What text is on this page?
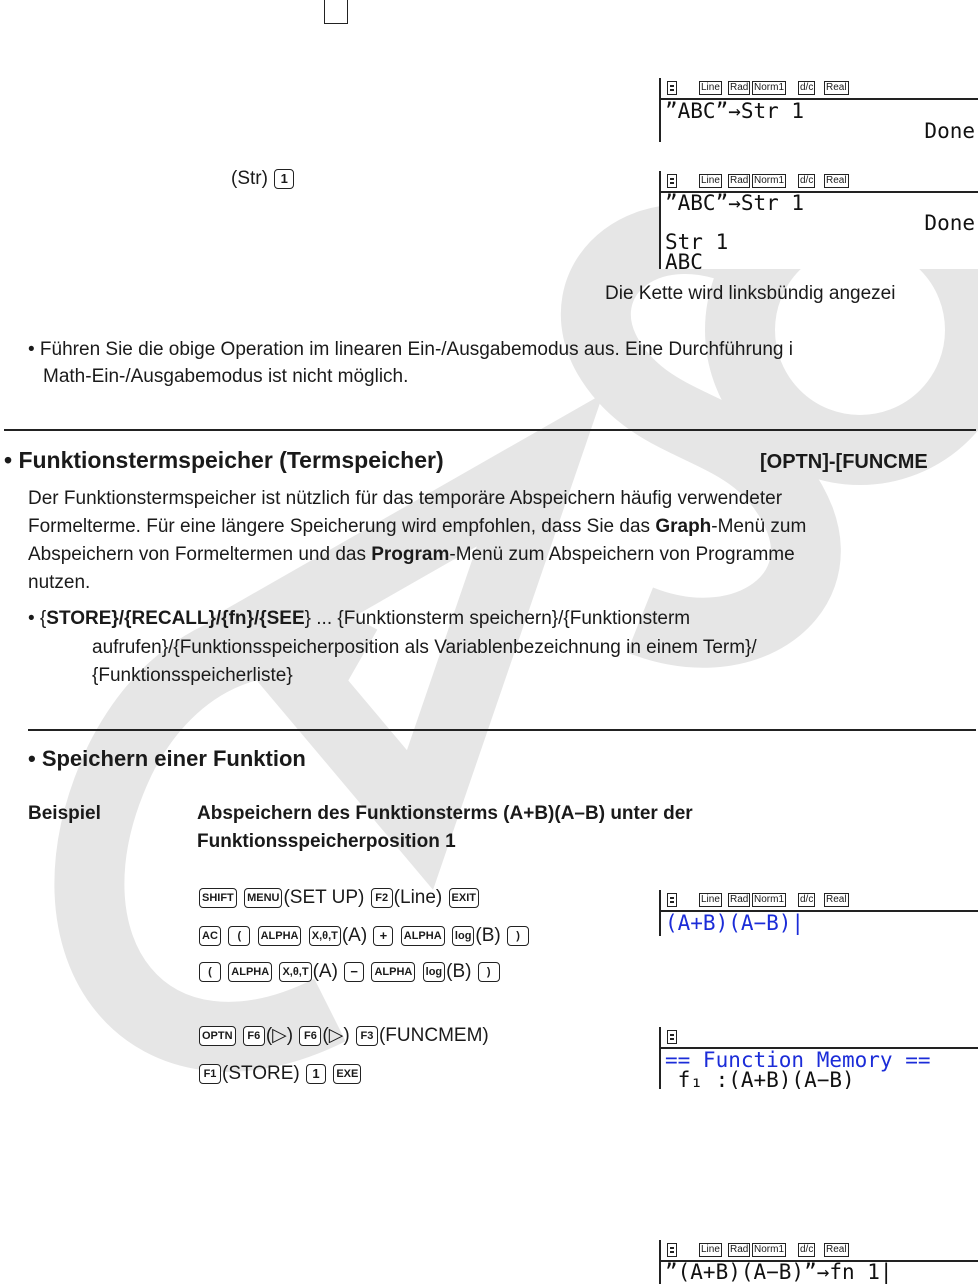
Line Rad Norm1 d/c Real
”ABC”→Str 1
Done
(Str) 1	Line Rad Norm1 d/c Real
”ABC”→Str 1
Done
Str 1
ABC
Die Kette wird linksbündig angezei
• Führen Sie die obige Operation im linearen Ein-/Ausgabemodus aus. Eine Durchführung i
Math-Ein-/Ausgabemodus ist nicht möglich.
• Funktionstermspeicher (Termspeicher)	[OPTN]-[FUNCME
Der Funktionstermspeicher ist nützlich für das temporäre Abspeichern häufig verwendeter
Formelterme. Für eine längere Speicherung wird empfohlen, dass Sie das Graph-Menü zum
Abspeichern von Formeltermen und das Program-Menü zum Abspeichern von Programme
nutzen.
• {STORE}/{RECALL}/{fn}/{SEE} ... {Funktionsterm speichern}/{Funktionsterm
aufrufen}/{Funktionsspeicherposition als Variablenbezeichnung in einem Term}/
{Funktionsspeicherliste}
• Speichern einer Funktion
Beispiel	Abspeichern des Funktionsterms (A+B)(A–B) unter der
Funktionsspeicherposition 1
SHIFT MENU (SET UP) F2 (Line) EXIT
AC ( ALPHA X,θ,T (A) + ALPHA log (B) )
( ALPHA X,θ,T (A) − ALPHA log (B) )
OPTN F6 (▷) F6 (▷) F3 (FUNCMEM)
F1 (STORE) 1 EXE
Line Rad Norm1 d/c Real
(A+B)(A−B)|
== Function Memory ==
f₁ :(A+B)(A−B)
Line Rad Norm1 d/c Real
”(A+B)(A−B)”→fn 1|
